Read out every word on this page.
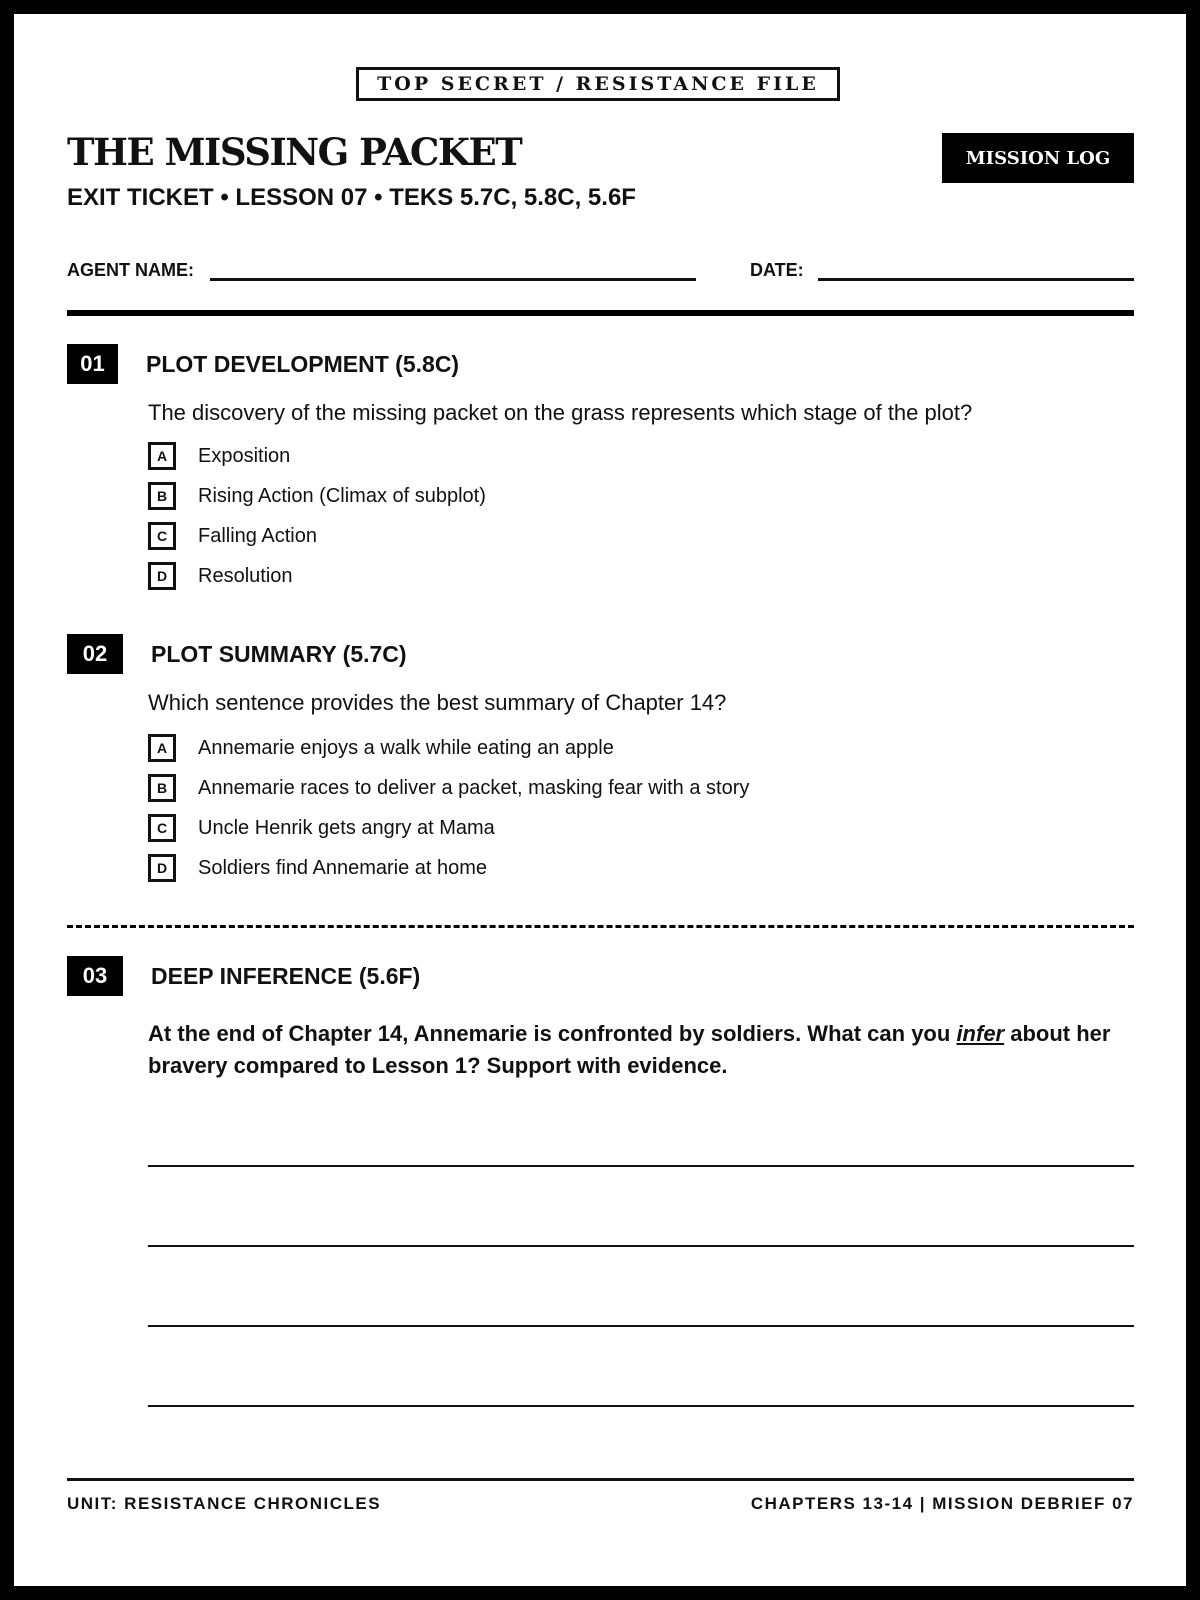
TOP SECRET / RESISTANCE FILE
THE MISSING PACKET
EXIT TICKET • LESSON 07 • TEKS 5.7C, 5.8C, 5.6F
MISSION LOG
AGENT NAME:	DATE:
01	PLOT DEVELOPMENT (5.8C)
The discovery of the missing packet on the grass represents which stage of the plot?
A	Exposition
B	Rising Action (Climax of subplot)
C	Falling Action
D	Resolution
02	PLOT SUMMARY (5.7C)
Which sentence provides the best summary of Chapter 14?
A	Annemarie enjoys a walk while eating an apple
B	Annemarie races to deliver a packet, masking fear with a story
C	Uncle Henrik gets angry at Mama
D	Soldiers find Annemarie at home
03	DEEP INFERENCE (5.6F)
At the end of Chapter 14, Annemarie is confronted by soldiers. What can you infer about her bravery compared to Lesson 1? Support with evidence.
UNIT: RESISTANCE CHRONICLES	CHAPTERS 13-14 | MISSION DEBRIEF 07
